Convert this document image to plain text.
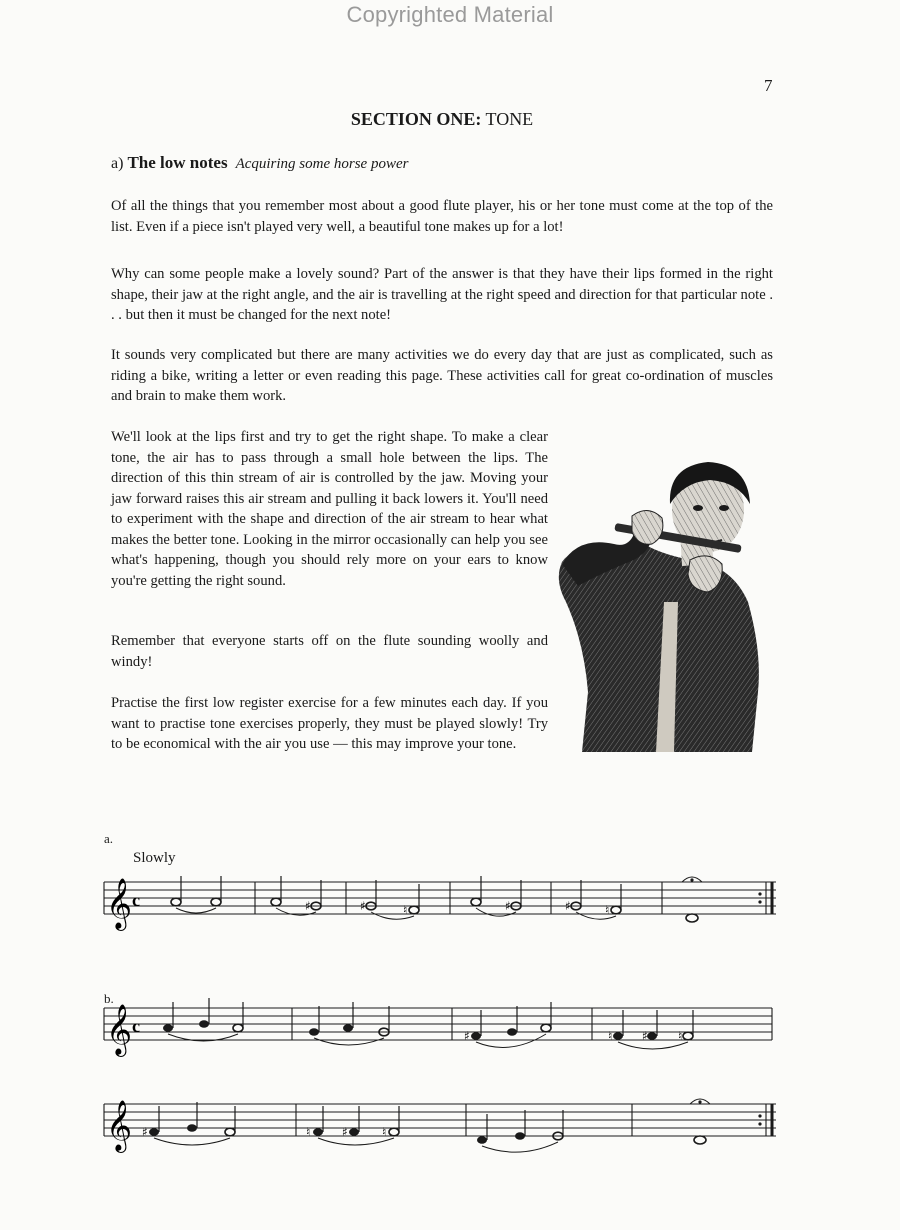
Copyrighted Material
7
SECTION ONE: TONE
a) The low notes Acquiring some horse power
Of all the things that you remember most about a good flute player, his or her tone must come at the top of the list. Even if a piece isn't played very well, a beautiful tone makes up for a lot!
Why can some people make a lovely sound? Part of the answer is that they have their lips formed in the right shape, their jaw at the right angle, and the air is travelling at the right speed and direction for that particular note . . . but then it must be changed for the next note!
It sounds very complicated but there are many activities we do every day that are just as complicated, such as riding a bike, writing a letter or even reading this page. These activities call for great co-ordination of muscles and brain to make them work.
We'll look at the lips first and try to get the right shape. To make a clear tone, the air has to pass through a small hole between the lips. The direction of this thin stream of air is controlled by the jaw. Moving your jaw forward raises this air stream and pulling it back lowers it. You'll need to experiment with the shape and direction of the air stream to hear what makes the better tone. Looking in the mirror occasionally can help you see what's happening, though you should rely more on your ears to know you're getting the right sound.
Remember that everyone starts off on the flute sounding woolly and windy!
Practise the first low register exercise for a few minutes each day. If you want to practise tone exercises properly, they must be played slowly! Try to be economical with the air you use — this may improve your tone.
a.
Slowly
𝄞 c	♯	♯	♮	♯	♯	♮
b.
𝄞 c	♯	♮ ♯	♮
𝄞 ♯	♮	♯	♮
